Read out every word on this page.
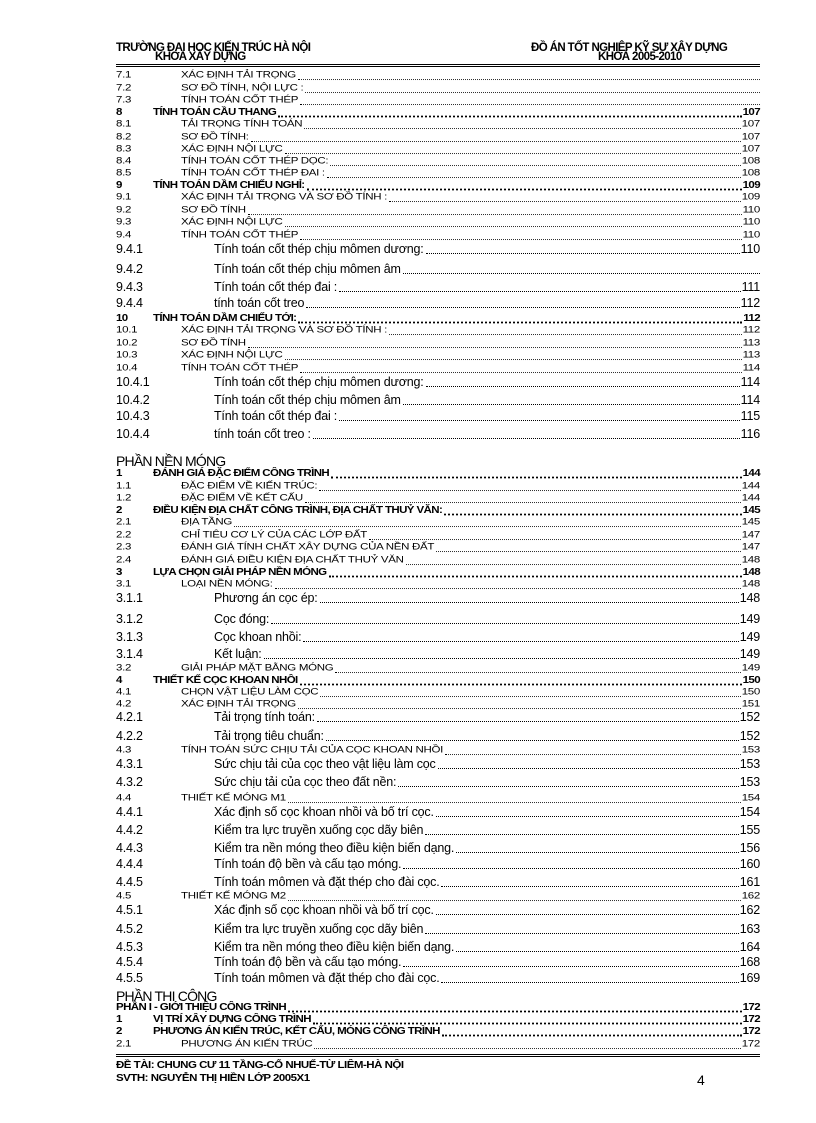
TRƯỜNG ĐẠI HỌC KIẾN TRÚC HÀ NỘI
KHOA XÂY DỰNG
ĐỒ ÁN TỐT NGHIỆP KỸ SƯ XÂY DỰNG
KHOÁ 2005-2010
7.1	XÁC ĐỊNH TẢI TRỌNG
7.2	SƠ ĐỒ TÍNH, NỘI LỰC :
7.3	TÍNH TOÁN CỐT THÉP
8	TÍNH TOÁN CẦU THANG	107
8.1	TẢI TRỌNG TÍNH TOÁN	107
8.2	SƠ ĐỒ TÍNH:	107
8.3	XÁC ĐỊNH NỘI LỰC	107
8.4	TÍNH TOÁN CỐT THÉP DỌC:	108
8.5	TÍNH TOÁN CỐT THÉP ĐAI :	108
9	TÍNH TOÁN DẦM CHIẾU NGHỈ:	109
9.1	XÁC ĐỊNH TẢI TRỌNG VÀ SƠ ĐỒ TÍNH :	109
9.2	SƠ ĐỒ TÍNH	110
9.3	XÁC ĐỊNH NỘI LỰC	110
9.4	TÍNH TOÁN CỐT THÉP	110
9.4.1	Tính toán cốt thép chịu mômen dương:	110
9.4.2	Tính toán cốt thép chịu mômen âm
9.4.3	Tính toán cốt thép đai :	111
9.4.4	tính toán cốt treo	112
10 TÍNH TOÁN DẦM CHIẾU TỚI:	112
10.1	XÁC ĐỊNH TẢI TRỌNG VÀ SƠ ĐỒ TÍNH :	112
10.2	SƠ ĐỒ TÍNH	113
10.3	XÁC ĐỊNH NỘI LỰC	113
10.4	TÍNH TOÁN CỐT THÉP	114
10.4.1	Tính toán cốt thép chịu mômen dương:	114
10.4.2	Tính toán cốt thép chịu mômen âm	114
10.4.3	Tính toán cốt thép đai :	115
10.4.4	tính toán cốt treo :	116
PHẦN NỀN MÓNG
1	ĐÁNH GIÁ ĐẶC ĐIỂM CÔNG TRÌNH	144
1.1	ĐẶC ĐIỂM VỀ KIẾN TRÚC:	144
1.2	ĐẶC ĐIỂM VỀ KẾT CẤU	144
2	ĐIỀU KIỆN ĐỊA CHẤT CÔNG TRÌNH, ĐỊA CHẤT THUỶ VĂN:	145
2.1	ĐỊA TẦNG	145
2.2	CHỈ TIÊU CƠ LÝ CỦA CÁC LỚP ĐẤT	147
2.3	ĐÁNH GIÁ TÍNH CHẤT XÂY DỰNG CỦA NỀN ĐẤT	147
2.4	ĐÁNH GIÁ ĐIỀU KIỆN ĐỊA CHẤT THUỶ VĂN	148
3	LỰA CHỌN GIẢI PHÁP NỀN MÓNG	148
3.1	LOẠI NỀN MÓNG:	148
3.1.1	Phương án cọc ép:	148
3.1.2	Cọc đóng:	149
3.1.3	Cọc khoan nhồi:	149
3.1.4	Kết luận:	149
3.2	GIẢI PHÁP MẶT BẰNG MÓNG	149
4	THIẾT KẾ CỌC KHOAN NHỒI	150
4.1	CHỌN VẬT LIỆU LÀM CỌC	150
4.2	XÁC ĐỊNH TẢI TRỌNG	151
4.2.1	Tải trọng tính toán:	152
4.2.2	Tải trọng tiêu chuẩn:	152
4.3	TÍNH TOÁN SỨC CHỊU TẢI CỦA CỌC KHOAN NHỒI	153
4.3.1	Sức chịu tải của cọc theo vật liệu làm cọc	153
4.3.2	Sức chịu tải của cọc theo đất nền:	153
4.4	THIẾT KẾ MÓNG M1	154
4.4.1	Xác định số cọc khoan nhồi và bố trí cọc.	154
4.4.2	Kiểm tra lực truyền xuống cọc dãy biên	155
4.4.3	Kiểm tra nền móng theo điều kiện biến dạng.	156
4.4.4	Tính toán độ bền và cấu tạo móng.	160
4.4.5	Tính toán mômen và đặt thép cho đài cọc.	161
4.5	THIẾT KẾ MÓNG M2	162
4.5.1	Xác định số cọc khoan nhồi và bố trí cọc.	162
4.5.2	Kiểm tra lực truyền xuống cọc dãy biên	163
4.5.3	Kiểm tra nền móng theo điều kiện biến dạng.	164
4.5.4	Tính toán độ bền và cấu tạo móng.	168
4.5.5	Tính toán mômen và đặt thép cho đài cọc.	169
PHẦN THI CÔNG
PHẦN I - GIỚI THIỆU CÔNG TRÌNH	172
1	VỊ TRÍ XÂY DỰNG CÔNG TRÌNH	172
2	PHƯƠNG ÁN KIẾN TRÚC, KẾT CẤU, MÓNG CÔNG TRÌNH	172
2.1	PHƯƠNG ÁN KIẾN TRÚC	172
ĐỀ TÀI: CHUNG CƯ 11 TẦNG-CỔ NHUẾ-TỪ LIÊM-HÀ NỘI
SVTH: NGUYỄN THỊ HIỀN LỚP 2005X1	4
